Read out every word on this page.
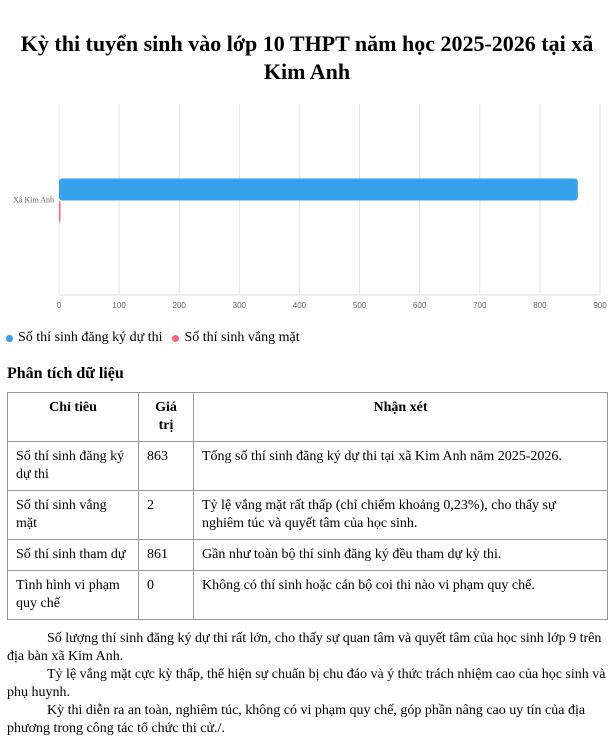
Kỳ thi tuyển sinh vào lớp 10 THPT năm học 2025-2026 tại xã Kim Anh
0	100	200	300	400	500	600	700	800	900
Xã Kim Anh
Số thí sinh đăng ký dự thi Số thí sinh vắng mặt
Phân tích dữ liệu
Chỉ tiêu	Giá trị	Nhận xét
Số thí sinh đăng ký dự thi	863	Tổng số thí sinh đăng ký dự thi tại xã Kim Anh năm 2025-2026.
Số thí sinh vắng mặt	2	Tỷ lệ vắng mặt rất thấp (chỉ chiếm khoảng 0,23%), cho thấy sự nghiêm túc và quyết tâm của học sinh.
Số thí sinh tham dự	861	Gần như toàn bộ thí sinh đăng ký đều tham dự kỳ thi.
Tình hình vi phạm quy chế	0	Không có thí sinh hoặc cán bộ coi thi nào vi phạm quy chế.

Số lượng thí sinh đăng ký dự thi rất lớn, cho thấy sự quan tâm và quyết tâm của học sinh lớp 9 trên địa bàn xã Kim Anh.

Tỷ lệ vắng mặt cực kỳ thấp, thể hiện sự chuẩn bị chu đáo và ý thức trách nhiệm cao của học sinh và phụ huynh.

Kỳ thi diễn ra an toàn, nghiêm túc, không có vi phạm quy chế, góp phần nâng cao uy tín của địa phương trong công tác tổ chức thi cử./.
